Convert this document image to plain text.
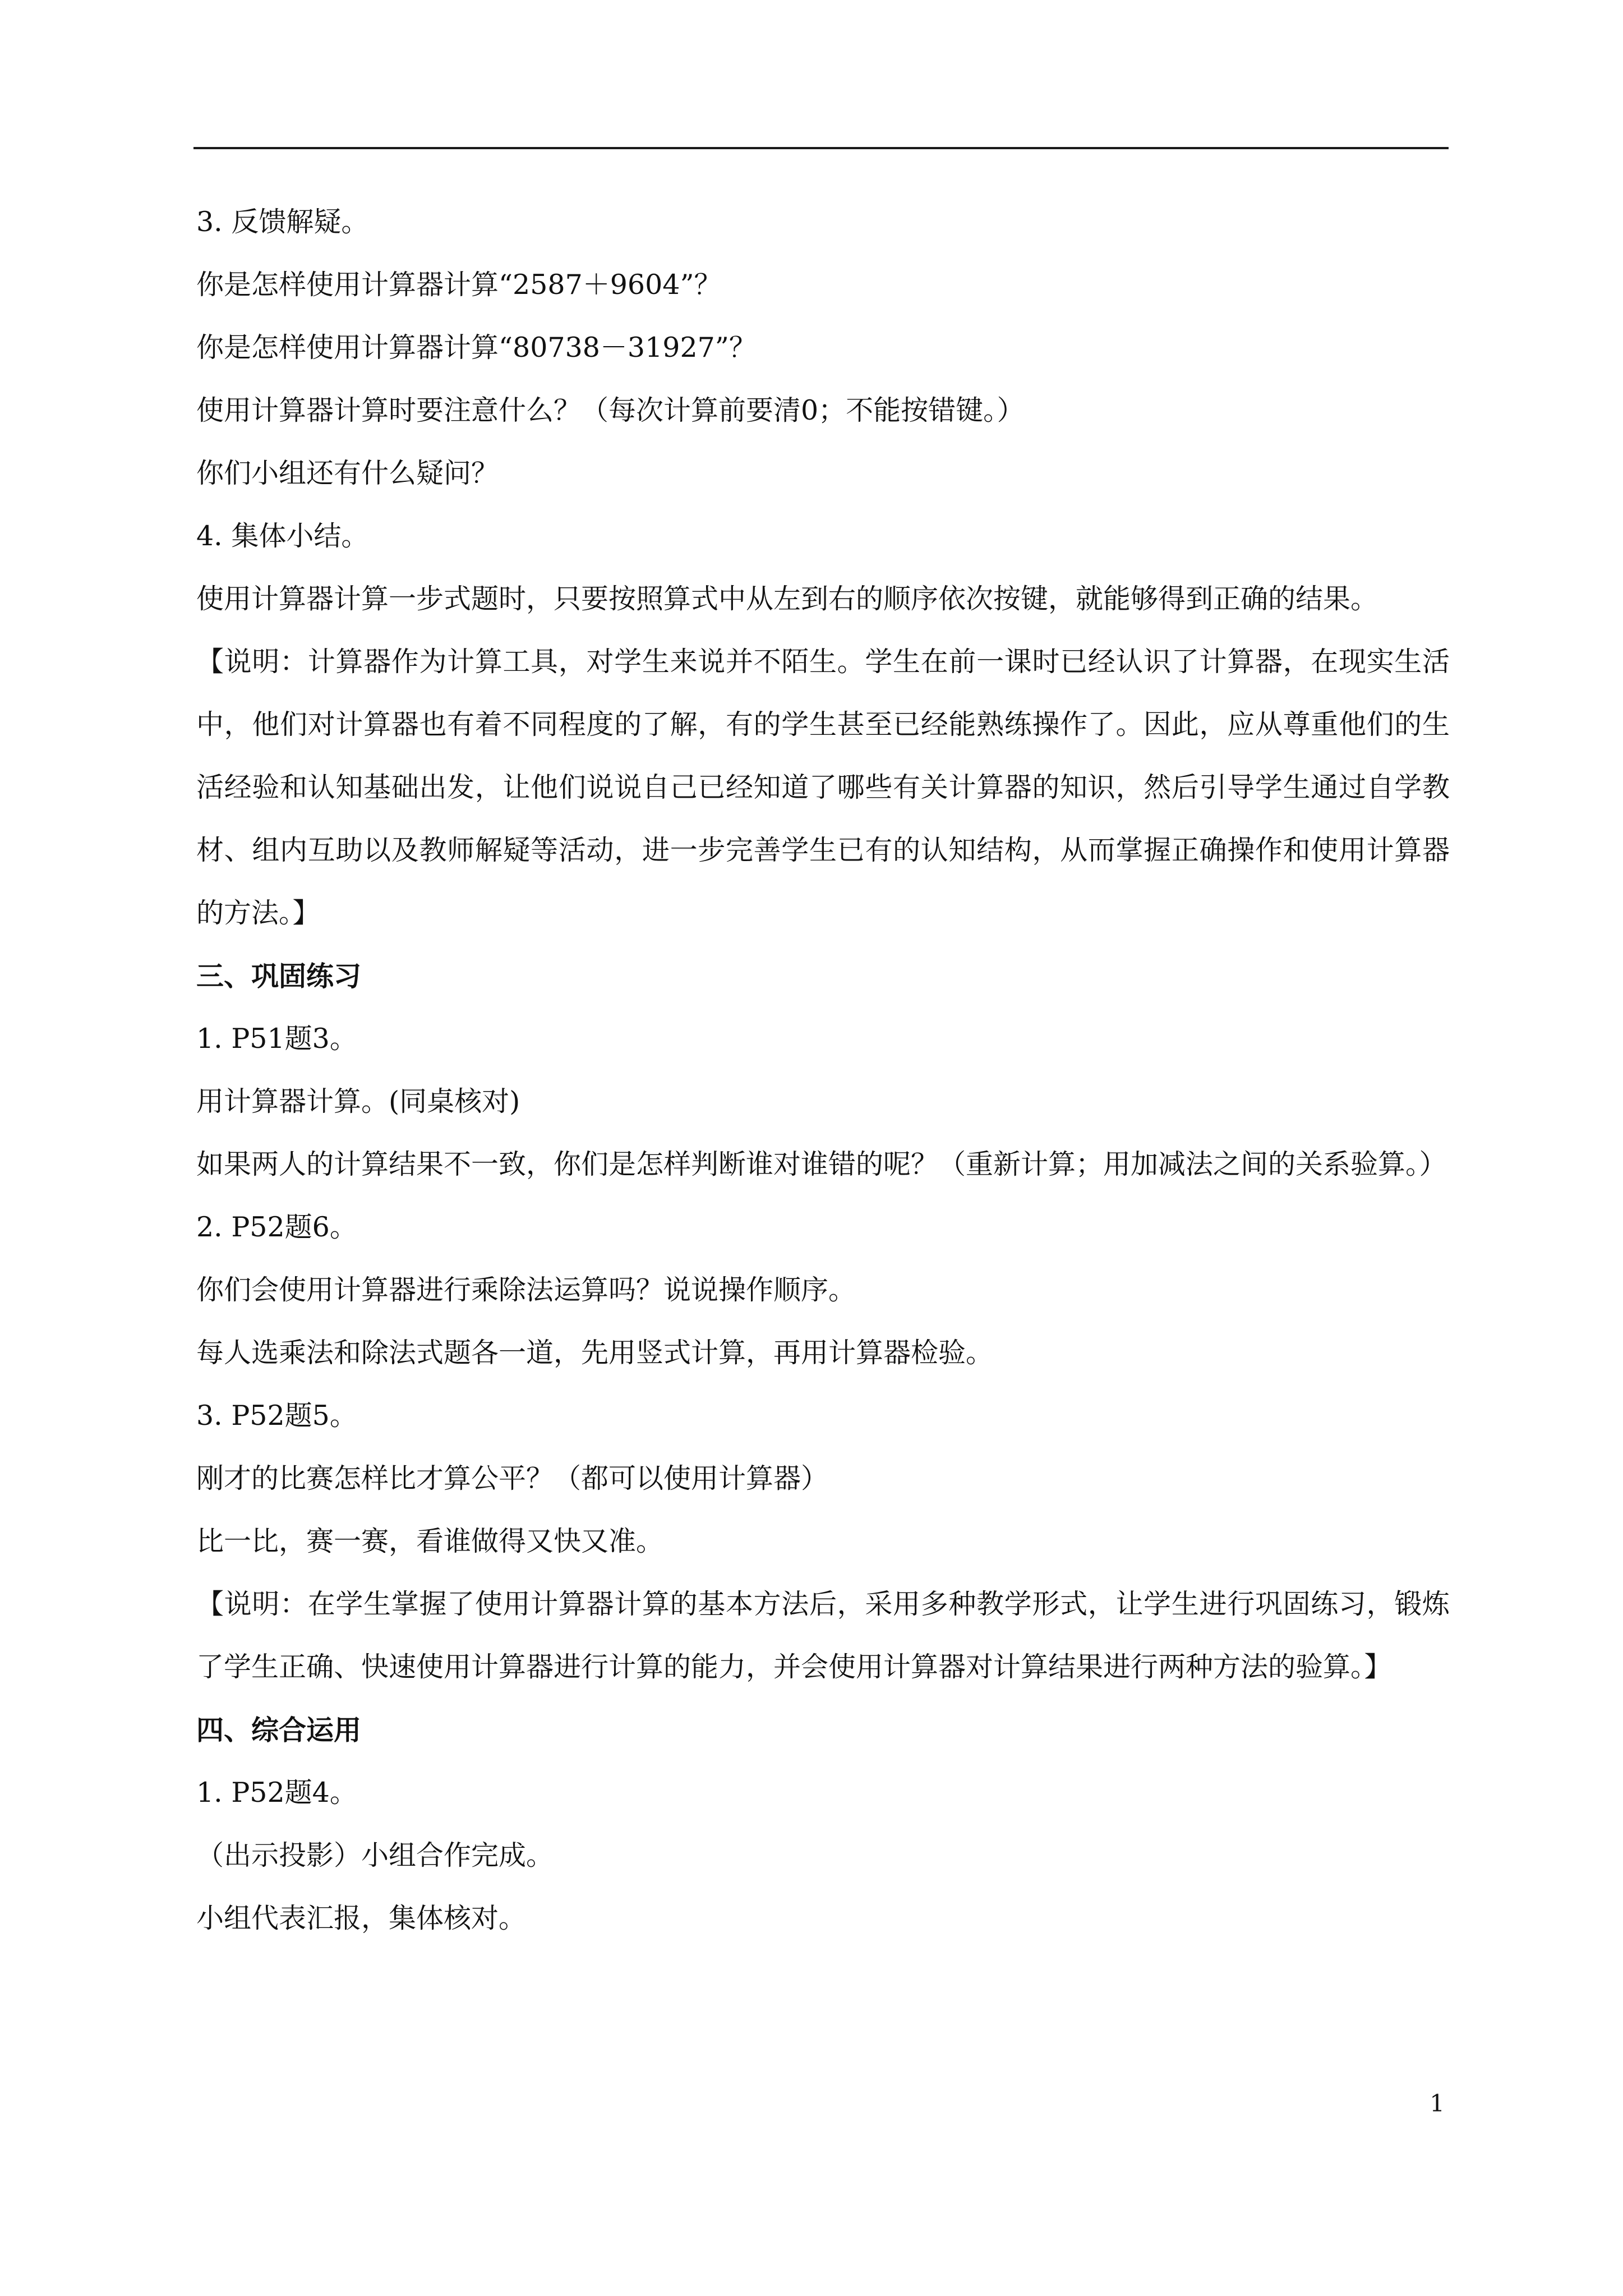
3. 反馈解疑。

你是怎样使用计算器计算“2587＋9604”？

你是怎样使用计算器计算“80738－31927”？

使用计算器计算时要注意什么？（每次计算前要清0；不能按错键。）

你们小组还有什么疑问？

4. 集体小结。

使用计算器计算一步式题时，只要按照算式中从左到右的顺序依次按键，就能够得到正确的结果。

【说明：计算器作为计算工具，对学生来说并不陌生。学生在前一课时已经认识了计算器，在现实生活中，他们对计算器也有着不同程度的了解，有的学生甚至已经能熟练操作了。因此，应从尊重他们的生活经验和认知基础出发，让他们说说自己已经知道了哪些有关计算器的知识，然后引导学生通过自学教材、组内互助以及教师解疑等活动，进一步完善学生已有的认知结构，从而掌握正确操作和使用计算器的方法。】

三、巩固练习

1. P51题3。

用计算器计算。(同桌核对)

如果两人的计算结果不一致，你们是怎样判断谁对谁错的呢？（重新计算；用加减法之间的关系验算。）

2. P52题6。

你们会使用计算器进行乘除法运算吗？说说操作顺序。

每人选乘法和除法式题各一道，先用竖式计算，再用计算器检验。

3. P52题5。

刚才的比赛怎样比才算公平？（都可以使用计算器）

比一比，赛一赛，看谁做得又快又准。

【说明：在学生掌握了使用计算器计算的基本方法后，采用多种教学形式，让学生进行巩固练习，锻炼了学生正确、快速使用计算器进行计算的能力，并会使用计算器对计算结果进行两种方法的验算。】

四、综合运用

1. P52题4。

（出示投影）小组合作完成。

小组代表汇报，集体核对。

1
